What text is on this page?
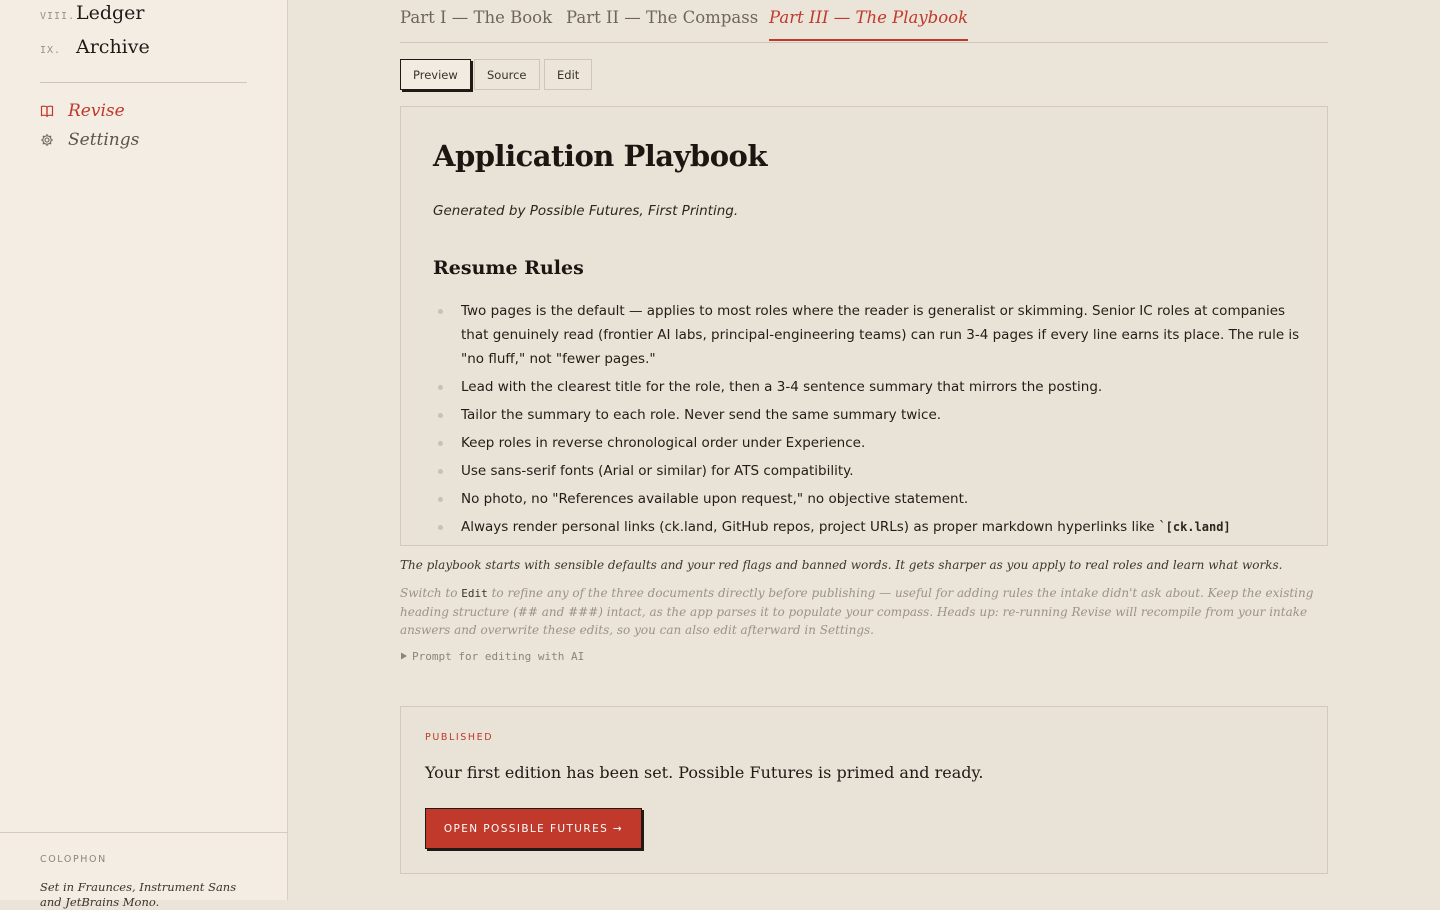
VIII. Ledger
IX. Archive
Revise
Settings
COLOPHON
Set in Fraunces, Instrument Sans and JetBrains Mono.
Part I — The Book Part II — The Compass Part III — The Playbook
Preview	Source	Edit
Application Playbook

Generated by Possible Futures, First Printing.

Resume Rules
Two pages is the default — applies to most roles where the reader is generalist or skimming. Senior IC roles at companies that genuinely read (frontier AI labs, principal-engineering teams) can run 3-4 pages if every line earns its place. The rule is "no fluff," not "fewer pages."
Lead with the clearest title for the role, then a 3-4 sentence summary that mirrors the posting.
Tailor the summary to each role. Never send the same summary twice.
Keep roles in reverse chronological order under Experience.
Use sans-serif fonts (Arial or similar) for ATS compatibility.
No photo, no "References available upon request," no objective statement.
Always render personal links (ck.land, GitHub repos, project URLs) as proper markdown hyperlinks like `[ck.land]

The playbook starts with sensible defaults and your red flags and banned words. It gets sharper as you apply to real roles and learn what works.

Switch to Edit to refine any of the three documents directly before publishing — useful for adding rules the intake didn't ask about. Keep the existing heading structure (## and ###) intact, as the app parses it to populate your compass. Heads up: re-running Revise will recompile from your intake answers and overwrite these edits, so you can also edit afterward in Settings.

Prompt for editing with AI
PUBLISHED
Your first edition has been set. Possible Futures is primed and ready.
OPEN POSSIBLE FUTURES →
